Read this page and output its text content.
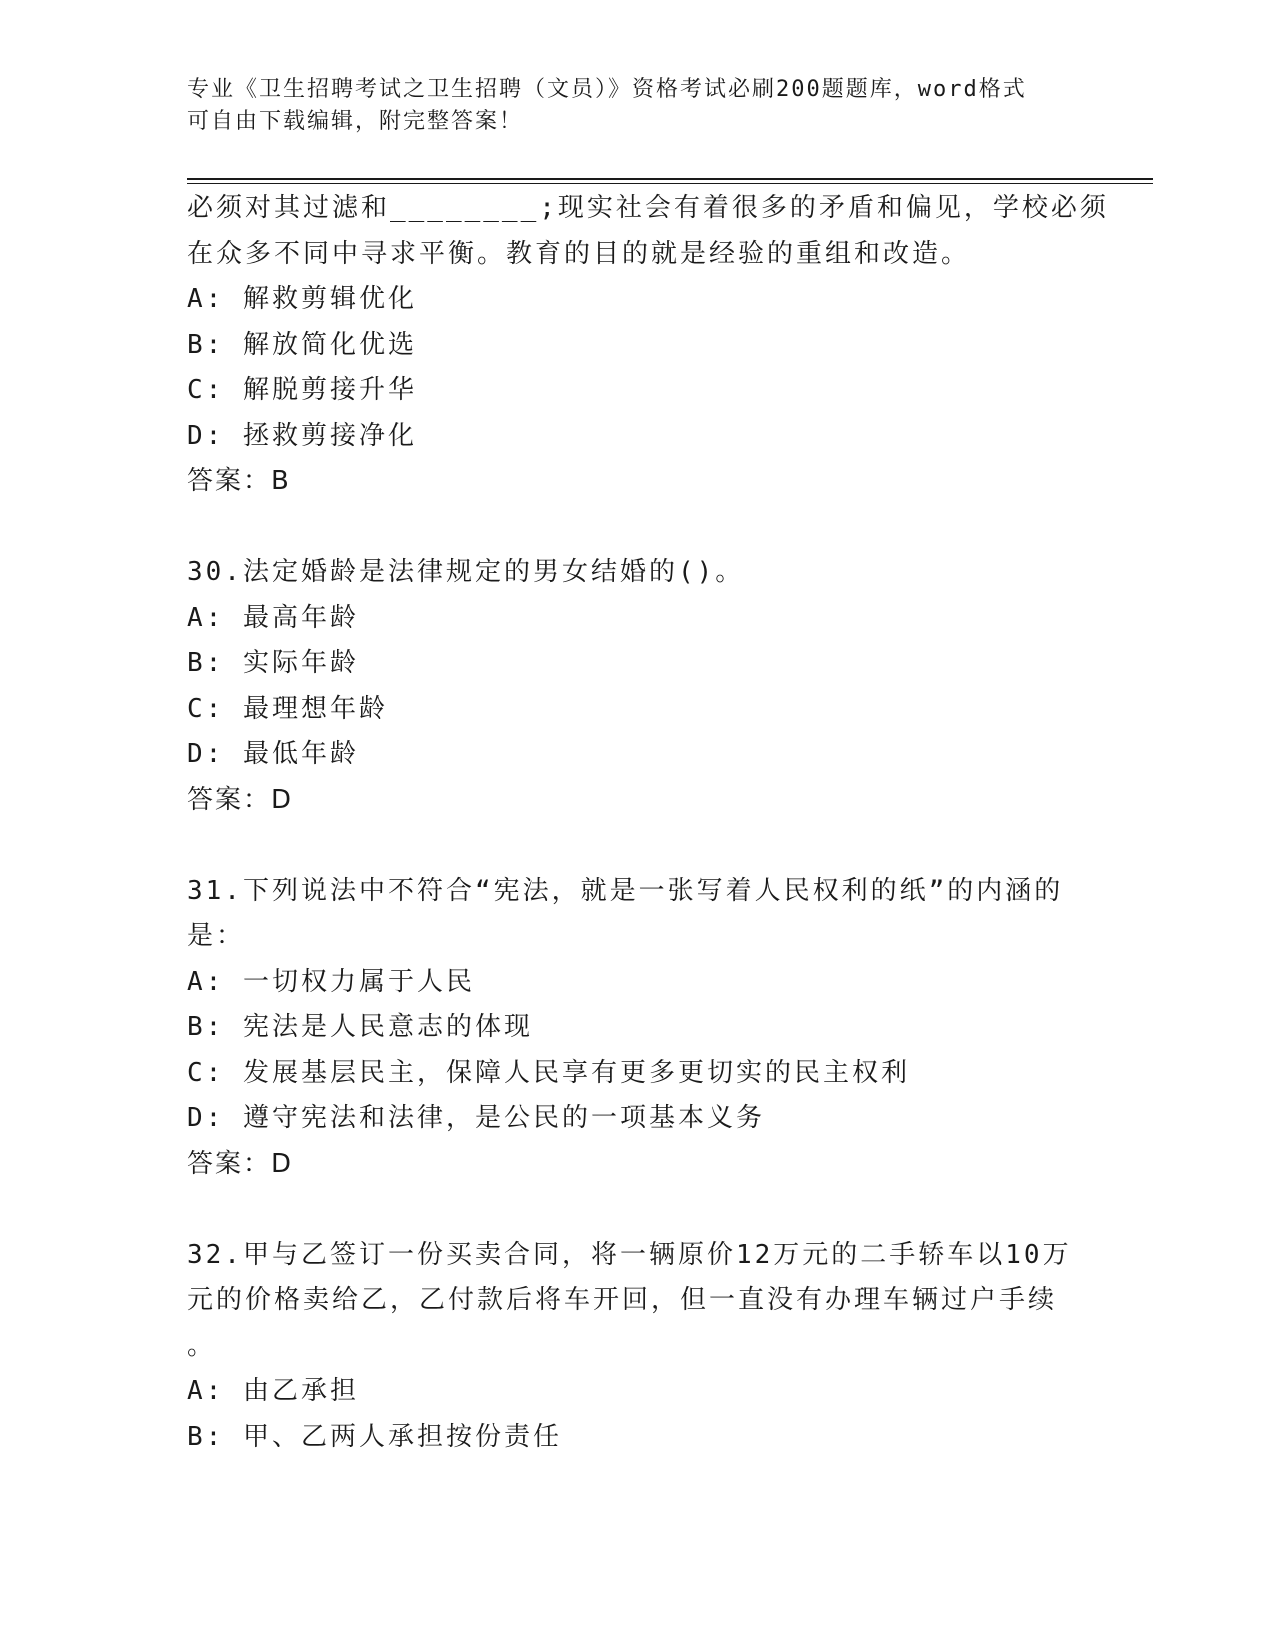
专业《卫生招聘考试之卫生招聘（文员）》资格考试必刷200题题库，word格式
可自由下载编辑，附完整答案！
必须对其过滤和________;现实社会有着很多的矛盾和偏见，学校必须
在众多不同中寻求平衡。教育的目的就是经验的重组和改造。
A: 解救剪辑优化
B: 解放简化优选
C: 解脱剪接升华
D: 拯救剪接净化
答案：B
30.法定婚龄是法律规定的男女结婚的()。
A: 最高年龄
B: 实际年龄
C: 最理想年龄
D: 最低年龄
答案：D
31.下列说法中不符合“宪法，就是一张写着人民权利的纸”的内涵的
是：
A: 一切权力属于人民
B: 宪法是人民意志的体现
C: 发展基层民主，保障人民享有更多更切实的民主权利
D: 遵守宪法和法律，是公民的一项基本义务
答案：D
32.甲与乙签订一份买卖合同，将一辆原价12万元的二手轿车以10万
元的价格卖给乙，乙付款后将车开回，但一直没有办理车辆过户手续
。
A: 由乙承担
B: 甲、乙两人承担按份责任
